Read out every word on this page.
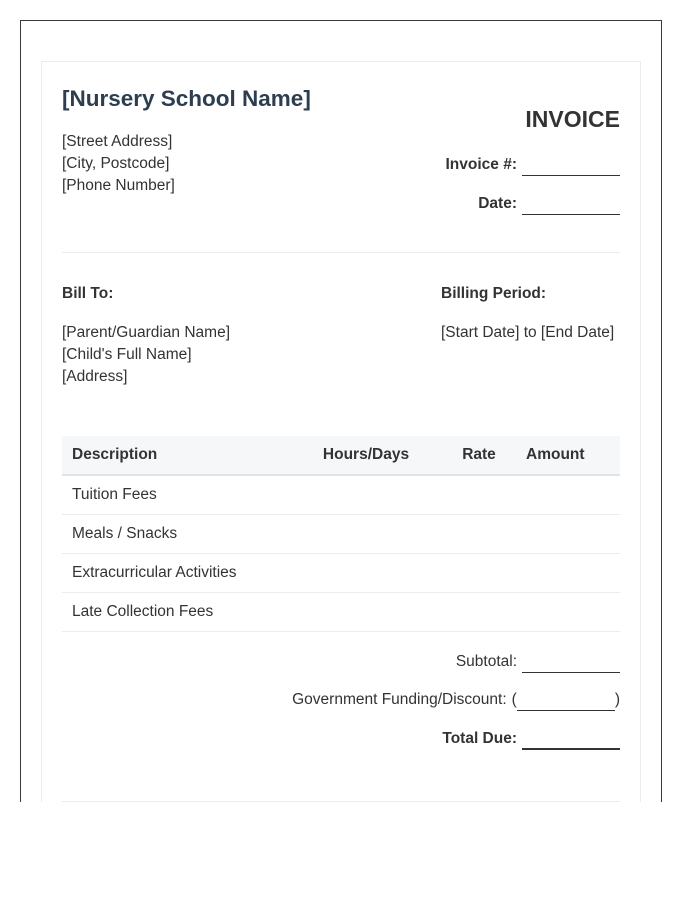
[Nursery School Name]
[Street Address]
[City, Postcode]
[Phone Number]
INVOICE
Invoice #:
Date:
Bill To:
[Parent/Guardian Name]
[Child's Full Name]
[Address]
Billing Period:
[Start Date] to [End Date]
Description	Hours/Days	Rate	Amount
Tuition Fees			
Meals / Snacks			
Extracurricular Activities			
Late Collection Fees			
Subtotal:
Government Funding/Discount: (	)
Total Due:
